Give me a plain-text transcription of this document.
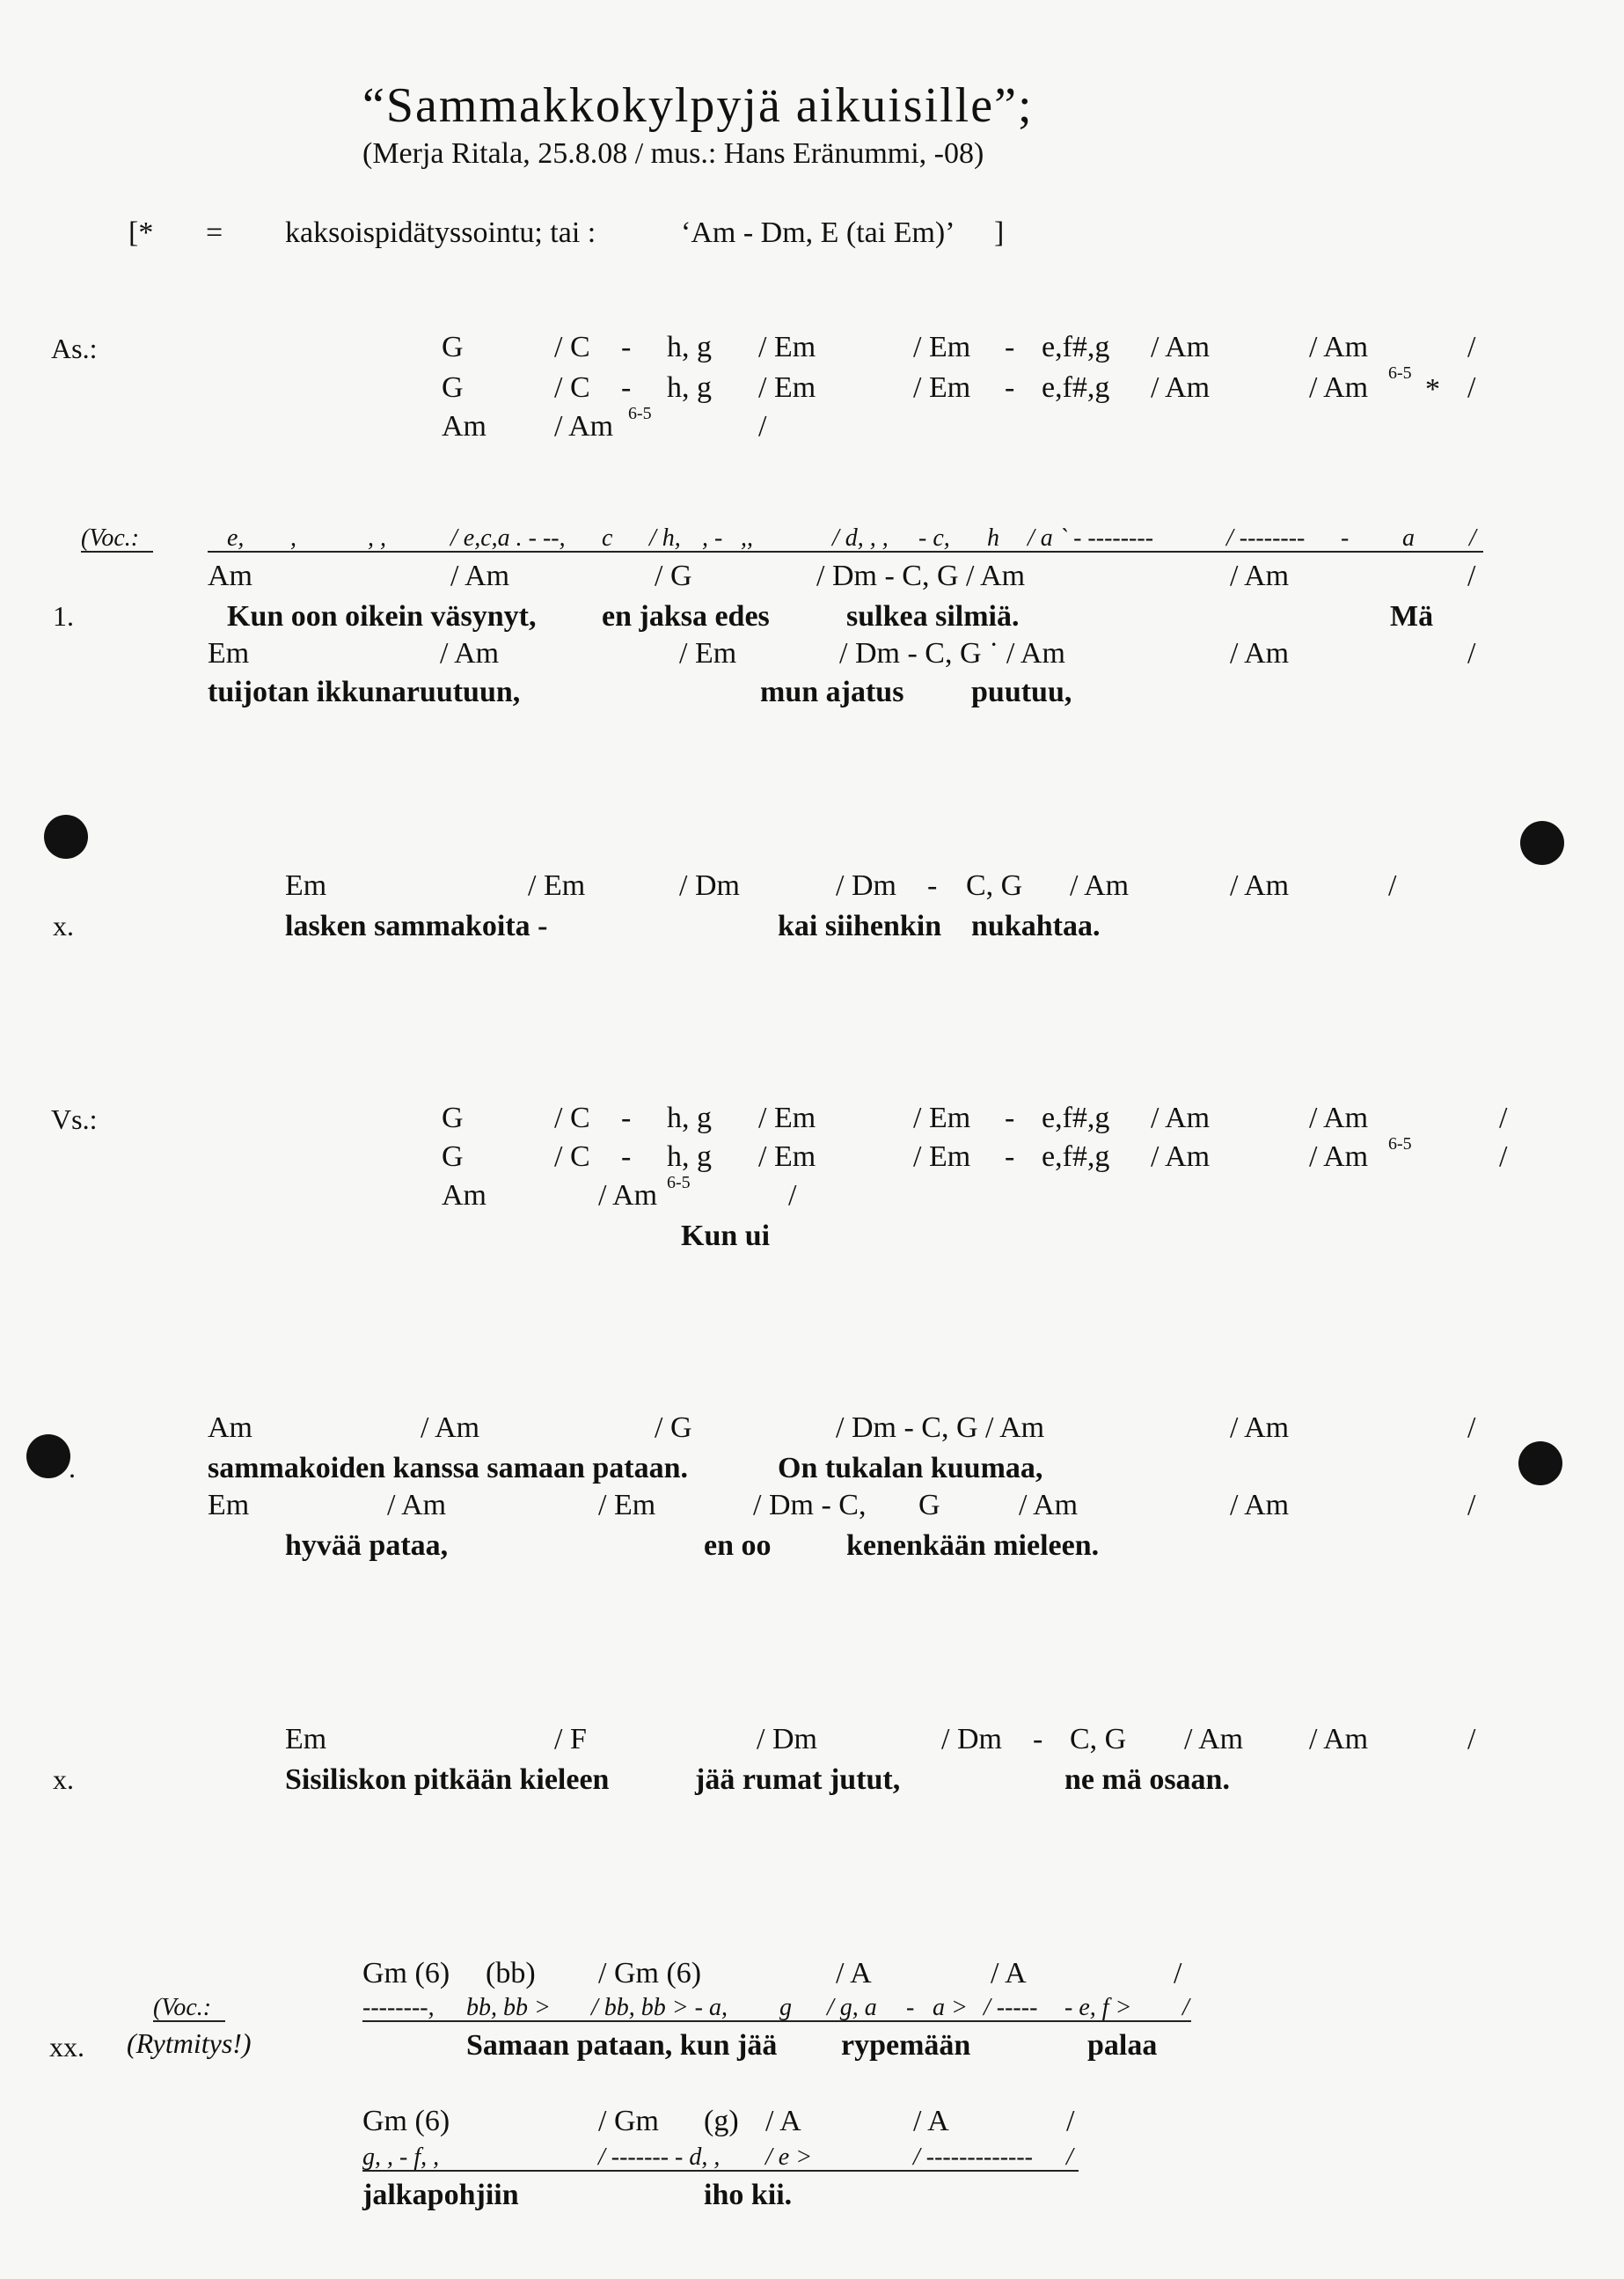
“Sammakkokylpyjä aikuisille”;
(Merja Ritala, 25.8.08 / mus.: Hans Eränummi, -08)
[* = kaksoispidätyssointu; tai :	‘Am - Dm, E (tai Em)’ ]
As.:	G	/ C - h, g / Em	/ Em - e,f#,g / Am	/ Am	/
G	/ C - h, g / Em	/ Em - e,f#,g / Am	/ Am 6-5 * /
Am / Am 6-5	/
(Voc.:	e, ,	, ,	/ e,c,a . - --, c / h, , - ,,	/ d, , , - c, h / a ` - --------	/ -------- - a /
1.
Am	/ Am	/ G	/ Dm - C, G / Am	/ Am	/
Kun oon oikein väsynyt, en jaksa edes	sulkea silmiä.	Mä
Em	/ Am	/ Em	/ Dm - C, G ˙ / Am	/ Am	/
tuijotan ikkunaruutuun,	mun ajatus puutuu,
x.
Em	/ Em	/ Dm	/ Dm - C, G / Am	/ Am	/
lasken sammakoita -	kai siihenkin nukahtaa.
Vs.:	G	/ C - h, g / Em	/ Em - e,f#,g / Am	/ Am	/
G	/ C - h, g / Em	/ Em - e,f#,g / Am	/ Am 6-5	/
Am	/ Am 6-5	/
Kun ui
.
Am	/ Am	/ G	/ Dm - C, G / Am	/ Am	/
sammakoiden kanssa samaan pataan.	On tukalan kuumaa,
Em	/ Am	/ Em	/ Dm - C, G	/ Am	/ Am	/
hyvää pataa,	en oo	kenenkään mieleen.
x.
Em	/ F	/ Dm	/ Dm - C, G / Am / Am	/
Sisiliskon pitkään kieleen	jää rumat jutut,	ne mä osaan.
Gm (6) (bb) / Gm (6)	/ A	/ A	/
(Voc.:	--------, bb, bb > / bb, bb > - a, g / g, a - a > / ----- - e, f > /
xx. (Rytmitys!)	Samaan pataan, kun jää rypemään	palaa
Gm (6)	/ Gm (g) / A	/ A	/
g, , - f, ,	/ ------- - d, , / e >	/ ------------- /
jalkapohjiin	iho kii.
